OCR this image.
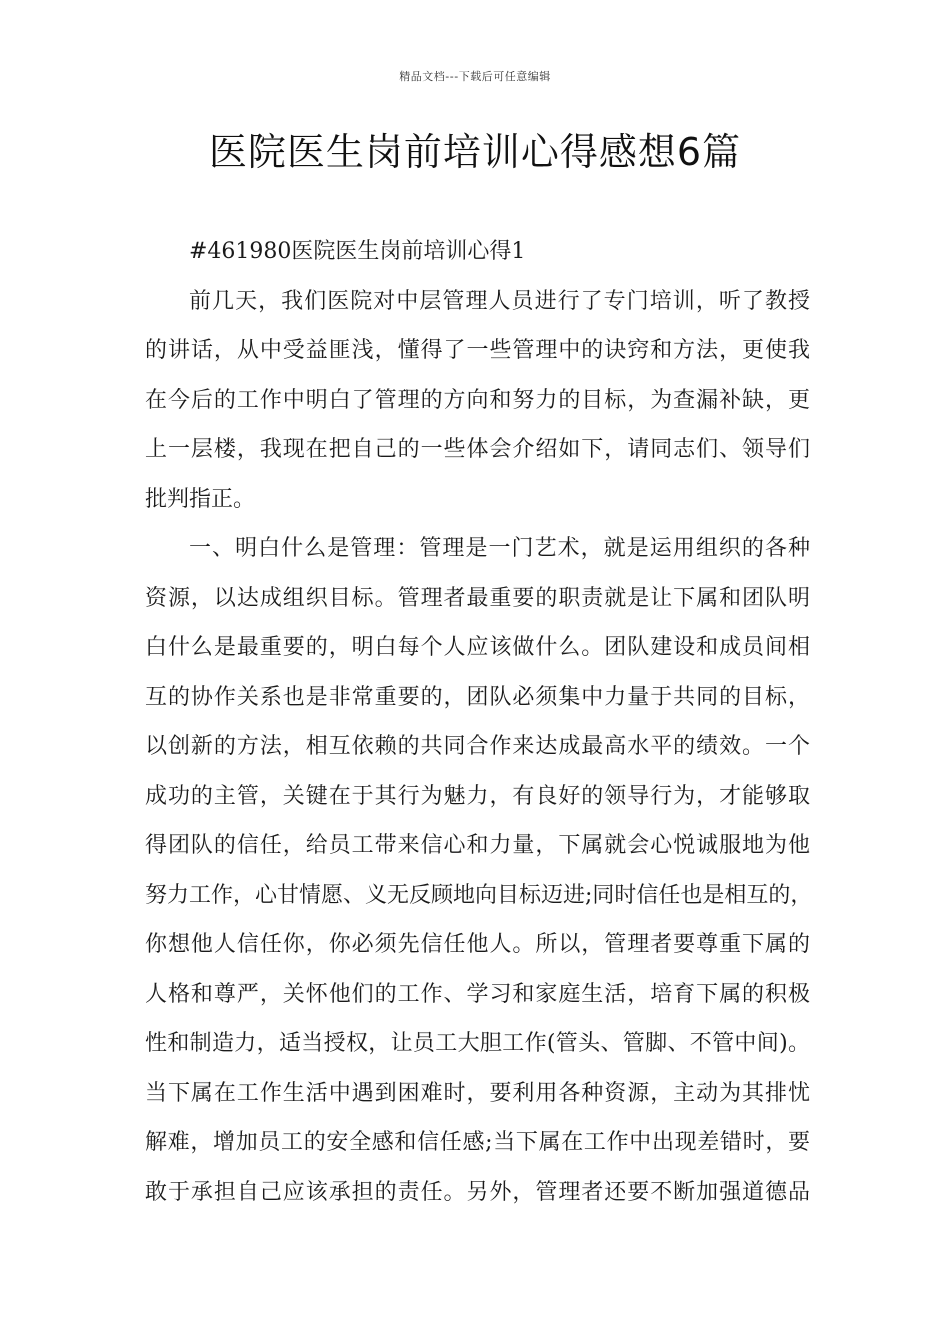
精品文档---下载后可任意编辑
医院医生岗前培训心得感想6篇
#461980医院医生岗前培训心得1
前几天，我们医院对中层管理人员进行了专门培训，听了教授
的讲话，从中受益匪浅，懂得了一些管理中的诀窍和方法，更使我
在今后的工作中明白了管理的方向和努力的目标，为查漏补缺，更
上一层楼，我现在把自己的一些体会介绍如下，请同志们、领导们
批判指正。
一、明白什么是管理：管理是一门艺术，就是运用组织的各种
资源，以达成组织目标。管理者最重要的职责就是让下属和团队明
白什么是最重要的，明白每个人应该做什么。团队建设和成员间相
互的协作关系也是非常重要的，团队必须集中力量于共同的目标，
以创新的方法，相互依赖的共同合作来达成最高水平的绩效。一个
成功的主管，关键在于其行为魅力，有良好的领导行为，才能够取
得团队的信任，给员工带来信心和力量，下属就会心悦诚服地为他
努力工作，心甘情愿、义无反顾地向目标迈进;同时信任也是相互的，
你想他人信任你，你必须先信任他人。所以，管理者要尊重下属的
人格和尊严，关怀他们的工作、学习和家庭生活，培育下属的积极
性和制造力，适当授权，让员工大胆工作(管头、管脚、不管中间)。
当下属在工作生活中遇到困难时，要利用各种资源，主动为其排忧
解难，增加员工的安全感和信任感;当下属在工作中出现差错时，要
敢于承担自己应该承担的责任。另外，管理者还要不断加强道德品
